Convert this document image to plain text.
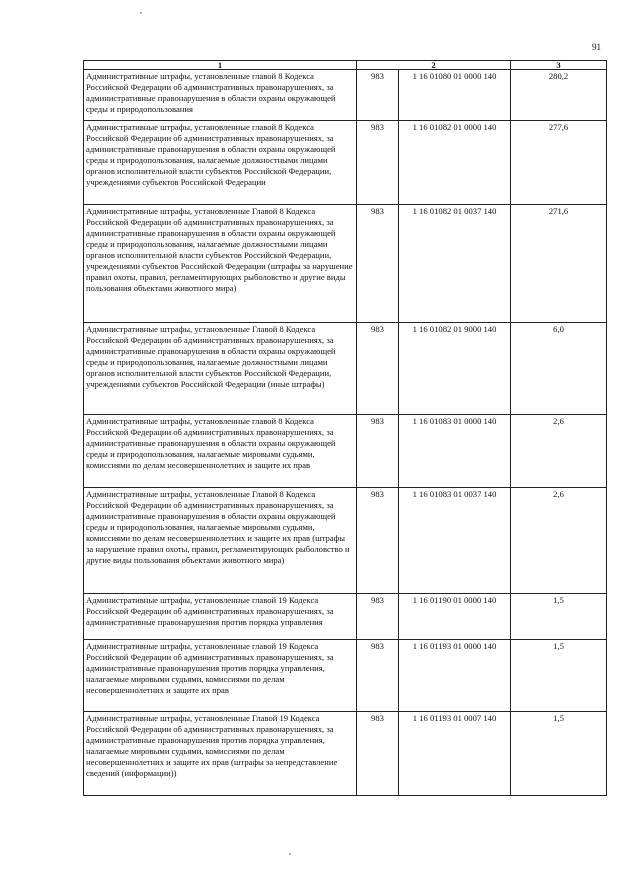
91
1	2		3
Административные штрафы, установленные главой 8 Кодекса Российской Федерации об административных правонарушениях, за административные правонарушения в области охраны окружающей среды и природопользования	983	1 16 01080 01 0000 140	280,2
Административные штрафы, установленные главой 8 Кодекса Российской Федерации об административных правонарушениях, за административные правонарушения в области охраны окружающей среды и природопользования, налагаемые должностными лицами органов исполнительной власти субъектов Российской Федерации, учреждениями субъектов Российской Федерации	983	1 16 01082 01 0000 140	277,6
Административные штрафы, установленные Главой 8 Кодекса Российской Федерации об административных правонарушениях, за административные правонарушения в области охраны окружающей среды и природопользования, налагаемые должностными лицами органов исполнительной власти субъектов Российской Федерации, учреждениями субъектов Российской Федерации (штрафы за нарушение правил охоты, правил, регламентирующих рыболовство и другие виды пользования объектами животного мира)	983	1 16 01082 01 0037 140	271,6
Административные штрафы, установленные Главой 8 Кодекса Российской Федерации об административных правонарушениях, за административные правонарушения в области охраны окружающей среды и природопользования, налагаемые должностными лицами органов исполнительной власти субъектов Российской Федерации, учреждениями субъектов Российской Федерации (иные штрафы)	983	1 16 01082 01 9000 140	6,0
Административные штрафы, установленные главой 8 Кодекса Российской Федерации об административных правонарушениях, за административные правонарушения в области охраны окружающей среды и природопользования, налагаемые мировыми судьями, комиссиями по делам несовершеннолетних и защите их прав	983	1 16 01083 01 0000 140	2,6
Административные штрафы, установленные Главой 8 Кодекса Российской Федерации об административных правонарушениях, за административные правонарушения в области охраны окружающей среды и природопользования, налагаемые мировыми судьями, комиссиями по делам несовершеннолетних и защите их прав (штрафы за нарушение правил охоты, правил, регламентирующих рыболовство и другие виды пользования объектами животного мира)	983	1 16 01083 01 0037 140	2,6
Административные штрафы, установленные главой 19 Кодекса Российской Федерации об административных правонарушениях, за административные правонарушения против порядка управления	983	1 16 01190 01 0000 140	1,5
Административные штрафы, установленные главой 19 Кодекса Российской Федерации об административных правонарушениях, за административные правонарушения против порядка управления, налагаемые мировыми судьями, комиссиями по делам несовершеннолетних и защите их прав	983	1 16 01193 01 0000 140	1,5
Административные штрафы, установленные Главой 19 Кодекса Российской Федерации об административных правонарушениях, за административные правонарушения против порядка управления, налагаемые мировыми судьями, комиссиями по делам несовершеннолетних и защите их прав (штрафы за непредставление сведений (информации))	983	1 16 01193 01 0007 140	1,5
